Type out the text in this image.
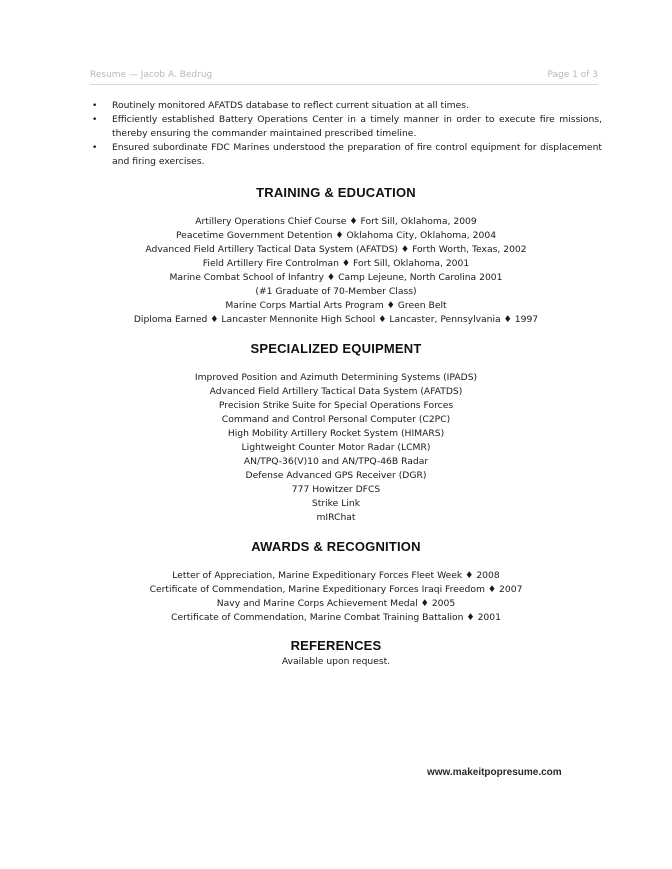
Resume — Jacob A. Bedrug	Page 1 of 3
• Routinely monitored AFATDS database to reflect current situation at all times.
• Efficiently established Battery Operations Center in a timely manner in order to execute fire missions, thereby ensuring the commander maintained prescribed timeline.
• Ensured subordinate FDC Marines understood the preparation of fire control equipment for displacement and firing exercises.
TRAINING & EDUCATION
Artillery Operations Chief Course ♦ Fort Sill, Oklahoma, 2009
Peacetime Government Detention ♦ Oklahoma City, Oklahoma, 2004
Advanced Field Artillery Tactical Data System (AFATDS) ♦ Forth Worth, Texas, 2002
Field Artillery Fire Controlman ♦ Fort Sill, Oklahoma, 2001
Marine Combat School of Infantry ♦ Camp Lejeune, North Carolina 2001
(#1 Graduate of 70-Member Class)
Marine Corps Martial Arts Program ♦ Green Belt
Diploma Earned ♦ Lancaster Mennonite High School ♦ Lancaster, Pennsylvania ♦ 1997
SPECIALIZED EQUIPMENT
Improved Position and Azimuth Determining Systems (IPADS)
Advanced Field Artillery Tactical Data System (AFATDS)
Precision Strike Suite for Special Operations Forces
Command and Control Personal Computer (C2PC)
High Mobility Artillery Rocket System (HIMARS)
Lightweight Counter Motor Radar (LCMR)
AN/TPQ-36(V)10 and AN/TPQ-46B Radar
Defense Advanced GPS Receiver (DGR)
777 Howitzer DFCS
Strike Link
mIRChat
AWARDS & RECOGNITION
Letter of Appreciation, Marine Expeditionary Forces Fleet Week ♦ 2008
Certificate of Commendation, Marine Expeditionary Forces Iraqi Freedom ♦ 2007
Navy and Marine Corps Achievement Medal ♦ 2005
Certificate of Commendation, Marine Combat Training Battalion ♦ 2001
REFERENCES
Available upon request.
www.makeitpopresume.com
